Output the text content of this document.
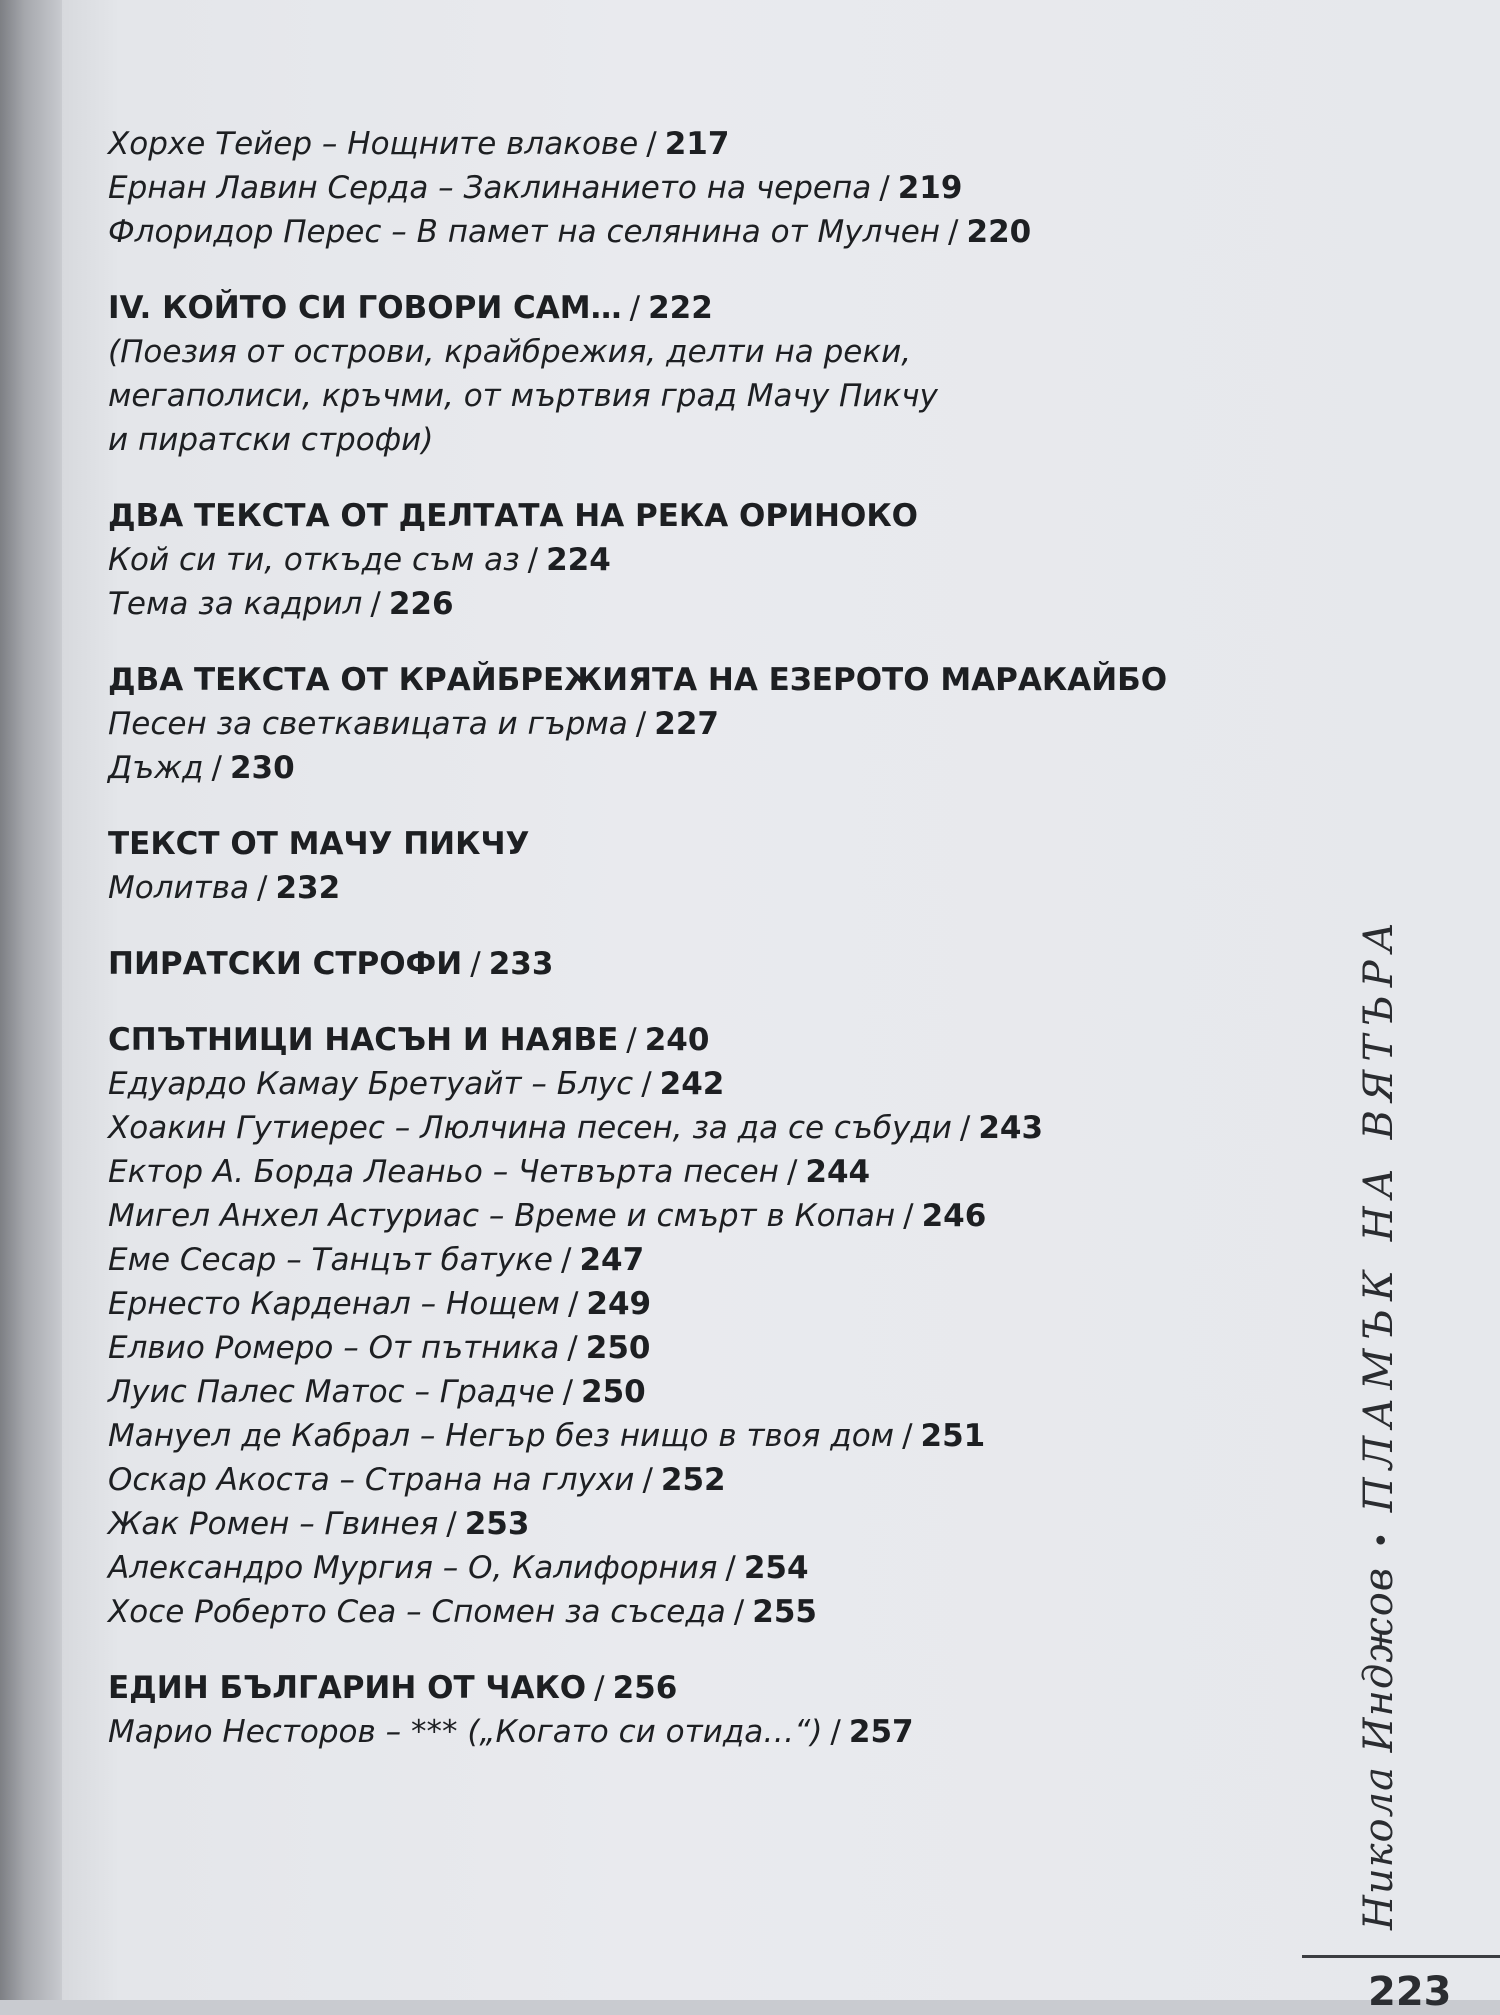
Хорхе Тейер – Нощните влакове / 217
Ернан Лавин Серда – Заклинанието на черепа / 219
Флоридор Перес – В памет на селянина от Мулчен / 220
IV. КОЙТО СИ ГОВОРИ САМ… / 222
(Поезия от острови, крайбрежия, делти на реки,
мегаполиси, кръчми, от мъртвия град Мачу Пикчу
и пиратски строфи)
ДВА ТЕКСТА ОТ ДЕЛТАТА НА РЕКА ОРИНОКО
Кой си ти, откъде съм аз / 224
Тема за кадрил / 226
ДВА ТЕКСТА ОТ КРАЙБРЕЖИЯТА НА ЕЗЕРОТО МАРАКАЙБО
Песен за светкавицата и гърма / 227
Дъжд / 230
ТЕКСТ ОТ МАЧУ ПИКЧУ
Молитва / 232
ПИРАТСКИ СТРОФИ / 233
СПЪТНИЦИ НАСЪН И НАЯВЕ / 240
Едуардо Камау Бретуайт – Блус / 242
Хоакин Гутиерес – Люлчина песен, за да се събуди / 243
Ектор А. Борда Леаньо – Четвърта песен / 244
Мигел Анхел Астуриас – Време и смърт в Копан / 246
Еме Сесар – Танцът батуке / 247
Ернесто Карденал – Нощем / 249
Елвио Ромеро – От пътника / 250
Луис Палес Матос – Градче / 250
Мануел де Кабрал – Негър без нищо в твоя дом / 251
Оскар Акоста – Страна на глухи / 252
Жак Ромен – Гвинея / 253
Александро Мургия – О, Калифорния / 254
Хосе Роберто Сеа – Спомен за съседа / 255
ЕДИН БЪЛГАРИН ОТ ЧАКО / 256
Марио Несторов – *** („Когато си отида…“) / 257	Никола Инджов•ПЛАМЪК НА ВЯТЪРА
223
